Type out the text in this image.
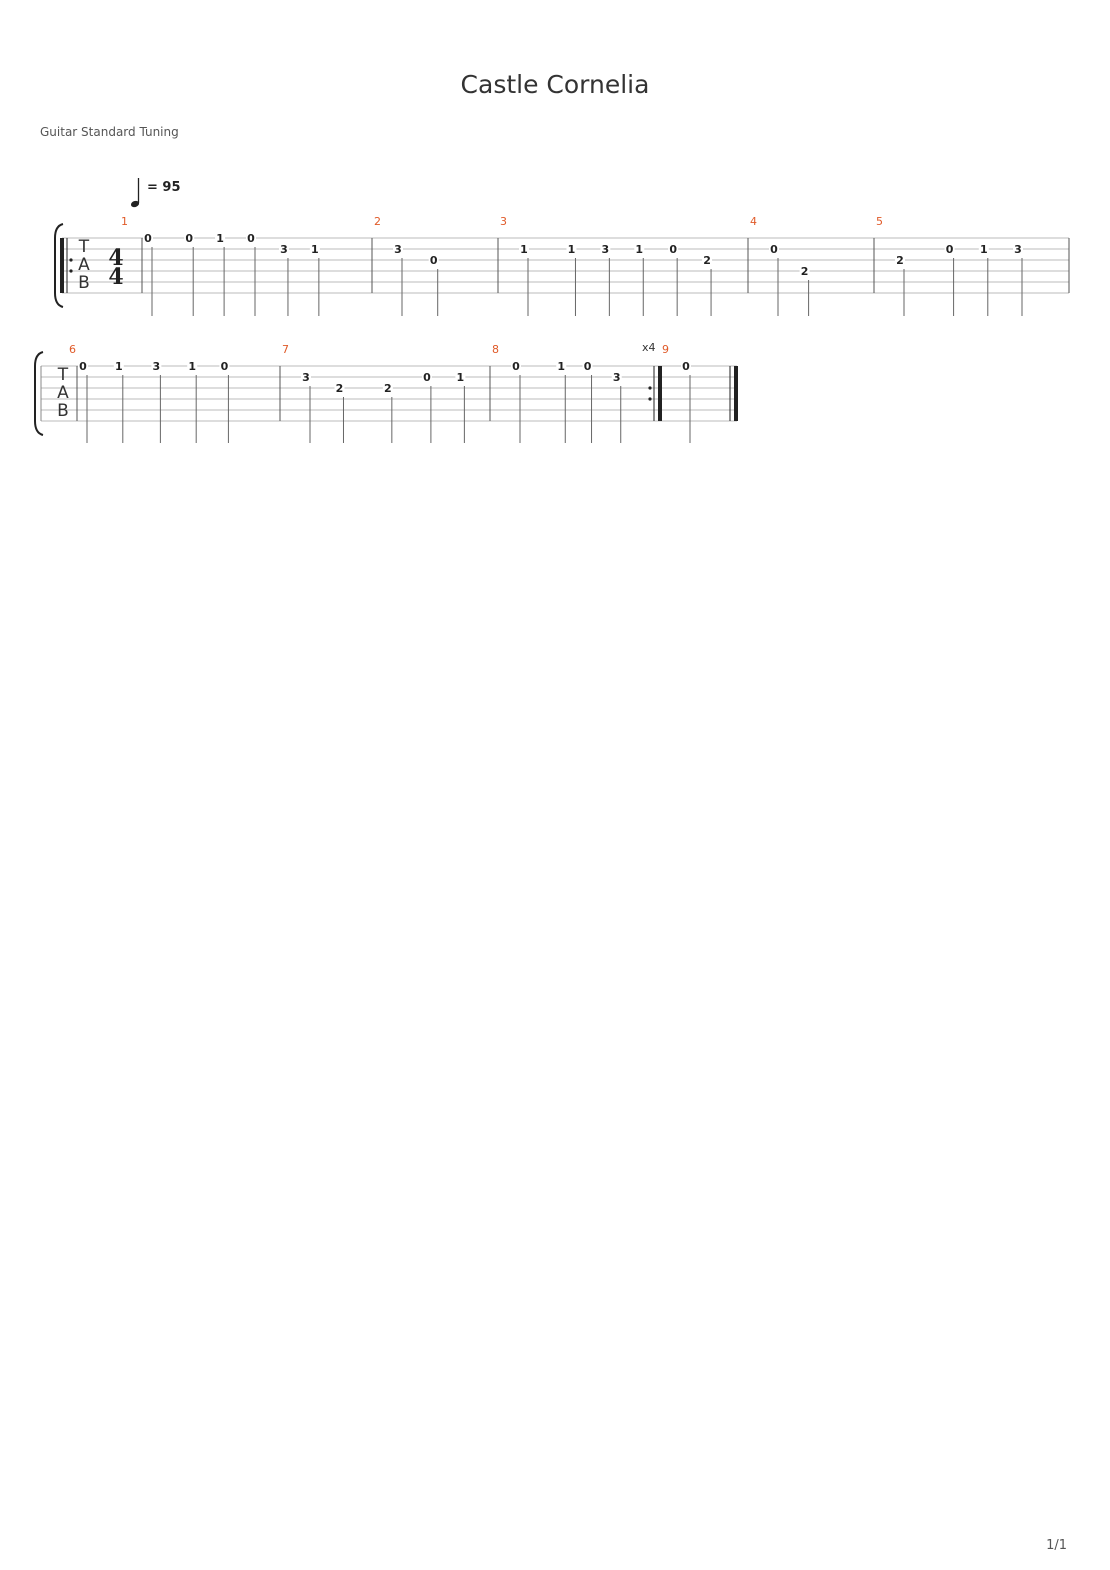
Castle Cornelia
Guitar Standard Tuning
= 95
T
A
B
4
4
1
0	0 1 0
3 1
2
3
0
3
1	1 3 1 0
2
4
0
2
5
2
0 1 3
T
A
B
x4
6
0	1	3	1 0
7
3
2	2
0 1
8
0	1 0
3
9
0
1/1
